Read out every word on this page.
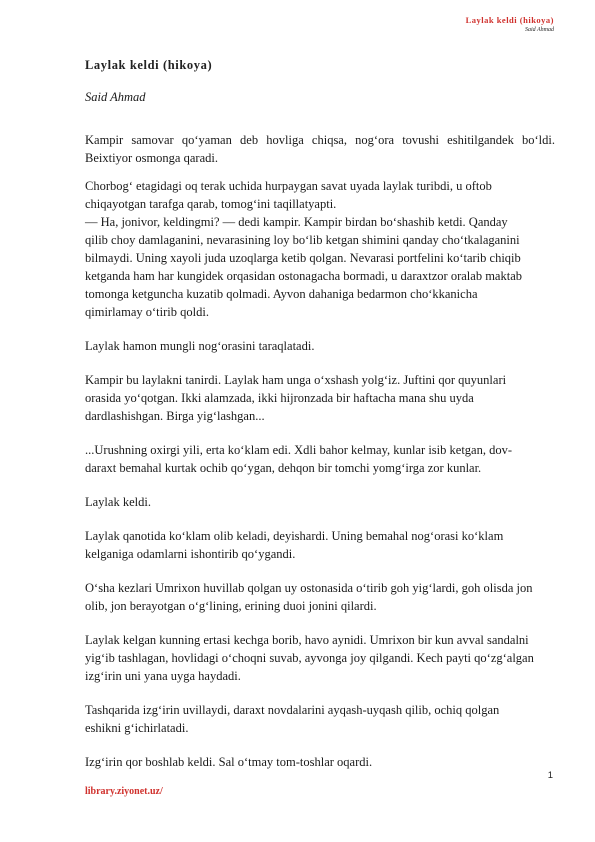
Laylak keldi (hikoya)
Said Ahmad
Laylak keldi (hikoya)

Said Ahmad

Kampir samovar qo‘yaman deb hovliga chiqsa, nog‘ora tovushi eshitilgandek bo‘ldi. Beixtiyor osmonga qaradi.

Chorbog‘ etagidagi oq terak uchida hurpaygan savat uyada laylak turibdi, u oftob
chiqayotgan tarafga qarab, tomog‘ini taqillatyapti.
— Ha, jonivor, keldingmi? — dedi kampir. Kampir birdan bo‘shashib ketdi. Qanday
qilib choy damlaganini, nevarasining loy bo‘lib ketgan shimini qanday cho‘tkalaganini
bilmaydi. Uning xayoli juda uzoqlarga ketib qolgan. Nevarasi portfelini ko‘tarib chiqib
ketganda ham har kungidek orqasidan ostonagacha bormadi, u daraxtzor oralab maktab
tomonga ketguncha kuzatib qolmadi. Ayvon dahaniga bedarmon cho‘kkanicha
qimirlamay o‘tirib qoldi.

Laylak hamon mungli nog‘orasini taraqlatadi.

Kampir bu laylakni tanirdi. Laylak ham unga o‘xshash yolg‘iz. Juftini qor quyunlari
orasida yo‘qotgan. Ikki alamzada, ikki hijronzada bir haftacha mana shu uyda
dardlashishgan. Birga yig‘lashgan...

...Urushning oxirgi yili, erta ko‘klam edi. Xdli bahor kelmay, kunlar isib ketgan, dov-
daraxt bemahal kurtak ochib qo‘ygan, dehqon bir tomchi yomg‘irga zor kunlar.

Laylak keldi.

Laylak qanotida ko‘klam olib keladi, deyishardi. Uning bemahal nog‘orasi ko‘klam
kelganiga odamlarni ishontirib qo‘ygandi.

O‘sha kezlari Umrixon huvillab qolgan uy ostonasida o‘tirib goh yig‘lardi, goh olisda jon
olib, jon berayotgan o‘g‘lining, erining duoi jonini qilardi.

Laylak kelgan kunning ertasi kechga borib, havo aynidi. Umrixon bir kun avval sandalni
yig‘ib tashlagan, hovlidagi o‘choqni suvab, ayvonga joy qilgandi. Kech payti qo‘zg‘algan
izg‘irin uni yana uyga haydadi.

Tashqarida izg‘irin uvillaydi, daraxt novdalarini ayqash-uyqash qilib, ochiq qolgan
eshikni g‘ichirlatadi.

Izg‘irin qor boshlab keldi. Sal o‘tmay tom-toshlar oqardi.

1
library.ziyonet.uz/
